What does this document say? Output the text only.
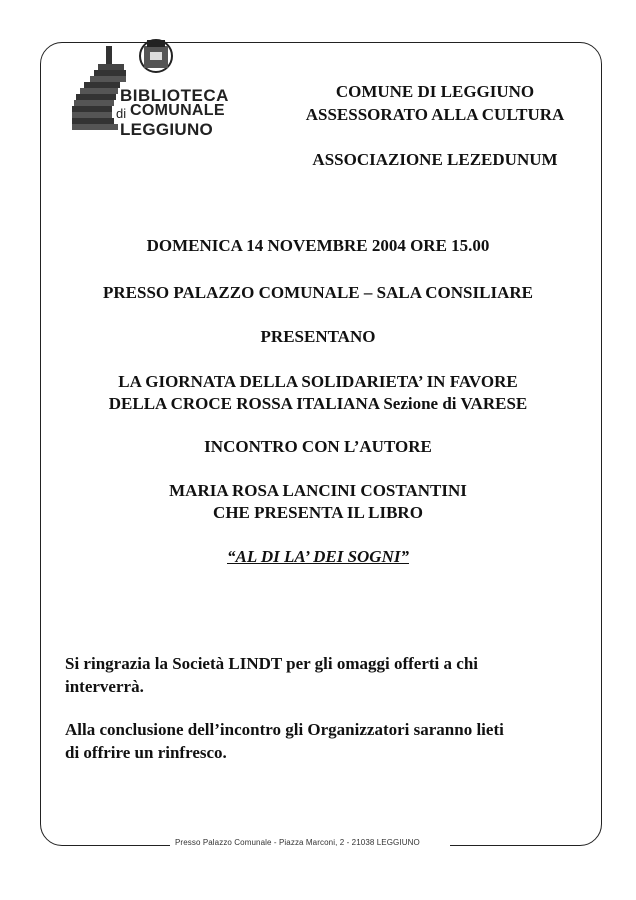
Presso Palazzo Comunale - Piazza Marconi, 2 - 21038 LEGGIUNO
BIBLIOTECA
di COMUNALE
LEGGIUNO
COMUNE DI LEGGIUNO
ASSESSORATO ALLA CULTURA
ASSOCIAZIONE LEZEDUNUM
DOMENICA 14 NOVEMBRE 2004 ORE 15.00
PRESSO PALAZZO COMUNALE – SALA CONSILIARE
PRESENTANO
LA GIORNATA DELLA SOLIDARIETA’ IN FAVORE
DELLA CROCE ROSSA ITALIANA Sezione di VARESE
INCONTRO CON L’AUTORE
MARIA ROSA LANCINI COSTANTINI
CHE PRESENTA IL LIBRO
“AL DI LA’ DEI SOGNI”
Si ringrazia la Società LINDT per gli omaggi offerti a chi
interverrà.
Alla conclusione dell’incontro gli Organizzatori saranno lieti
di offrire un rinfresco.
